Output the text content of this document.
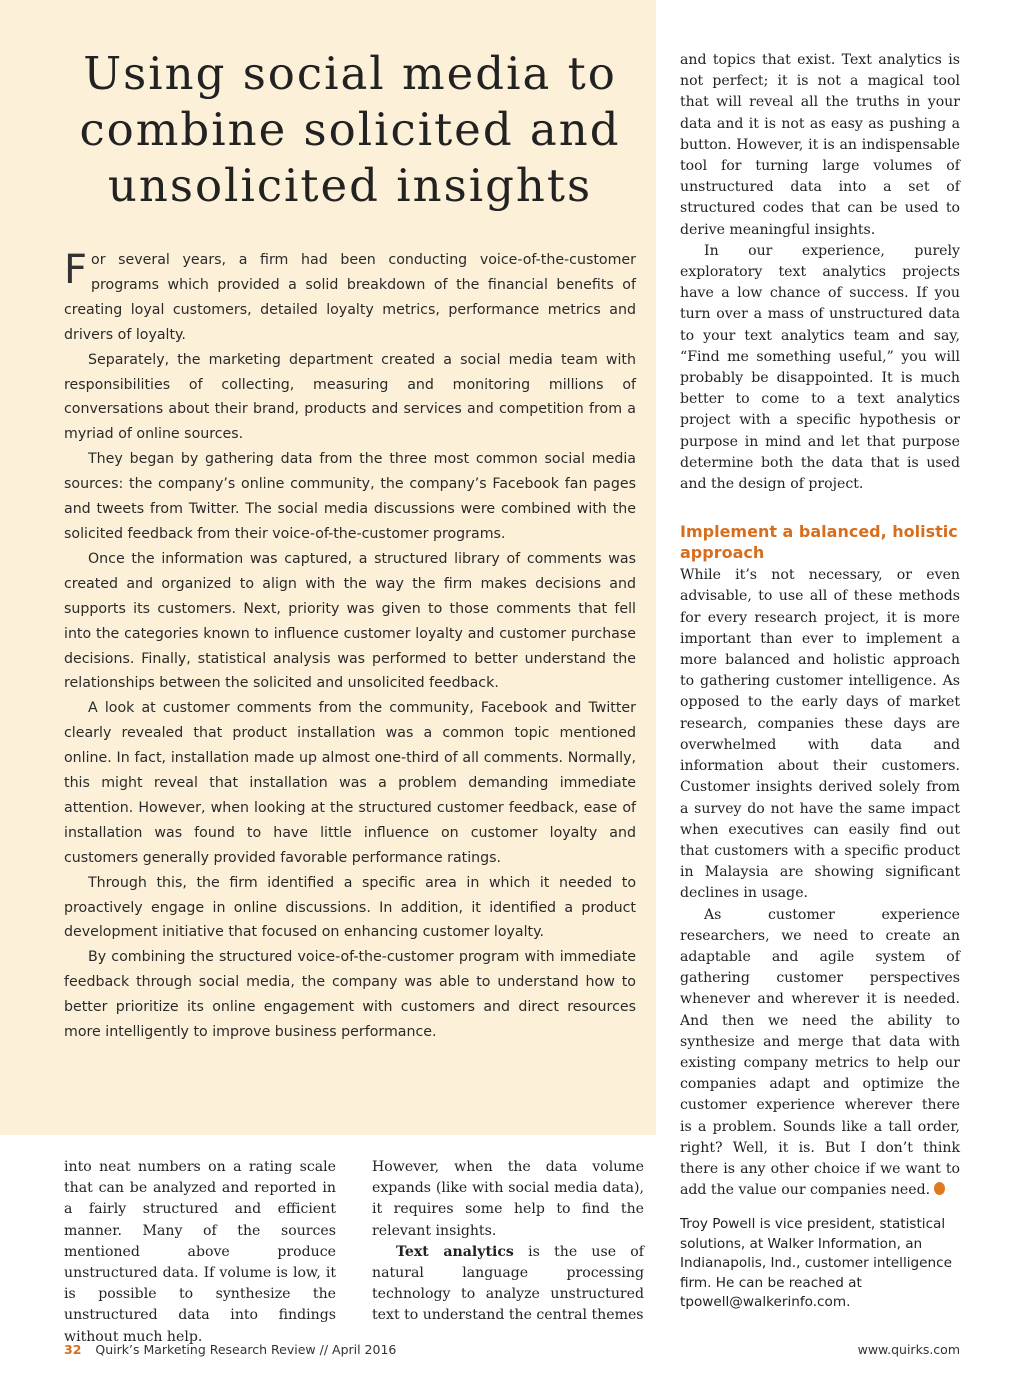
Using social media to
combine solicited and
unsolicited insights

For several years, a firm had been conducting voice-of-the-customer programs which provided a solid breakdown of the financial benefits of creating loyal customers, detailed loyalty metrics, performance metrics and drivers of loyalty.

Separately, the marketing department created a social media team with responsibilities of collecting, measuring and monitoring millions of conversations about their brand, products and services and competition from a myriad of online sources.

They began by gathering data from the three most common social media sources: the company’s online community, the company’s Facebook fan pages and tweets from Twitter. The social media discussions were combined with the solicited feedback from their voice-of-the-customer programs.

Once the information was captured, a structured library of comments was created and organized to align with the way the firm makes decisions and supports its customers. Next, priority was given to those comments that fell into the categories known to influence customer loyalty and customer purchase decisions. Finally, statistical analysis was performed to better understand the relationships between the solicited and unsolicited feedback.

A look at customer comments from the community, Facebook and Twitter clearly revealed that product installation was a common topic mentioned online. In fact, installation made up almost one-third of all comments. Normally, this might reveal that installation was a problem demanding immediate attention. However, when looking at the structured customer feedback, ease of installation was found to have little influence on customer loyalty and customers generally provided favorable performance ratings.

Through this, the firm identified a specific area in which it needed to proactively engage in online discussions. In addition, it identified a product development initiative that focused on enhancing customer loyalty.

By combining the structured voice-of-the-customer program with immediate feedback through social media, the company was able to understand how to better prioritize its online engagement with customers and direct resources more intelligently to improve business performance.

into neat numbers on a rating scale that can be analyzed and reported in a fairly structured and efficient manner. Many of the sources mentioned above produce unstructured data. If volume is low, it is possible to synthesize the unstructured data into findings without much help.

However, when the data volume expands (like with social media data), it requires some help to find the relevant insights.

Text analytics is the use of natural language processing technology to analyze unstructured text to understand the central themes

and topics that exist. Text analytics is not perfect; it is not a magical tool that will reveal all the truths in your data and it is not as easy as pushing a button. However, it is an indispensable tool for turning large volumes of unstructured data into a set of structured codes that can be used to derive meaningful insights.

In our experience, purely exploratory text analytics projects have a low chance of success. If you turn over a mass of unstructured data to your text analytics team and say, “Find me something useful,” you will probably be disappointed. It is much better to come to a text analytics project with a specific hypothesis or purpose in mind and let that purpose determine both the data that is used and the design of project.

Implement a balanced, holistic approach

While it’s not necessary, or even advisable, to use all of these methods for every research project, it is more important than ever to implement a more balanced and holistic approach to gathering customer intelligence. As opposed to the early days of market research, companies these days are overwhelmed with data and information about their customers. Customer insights derived solely from a survey do not have the same impact when executives can easily find out that customers with a specific product in Malaysia are showing significant declines in usage.

As customer experience researchers, we need to create an adaptable and agile system of gathering customer perspectives whenever and wherever it is needed. And then we need the ability to synthesize and merge that data with existing company metrics to help our companies adapt and optimize the customer experience wherever there is a problem. Sounds like a tall order, right? Well, it is. But I don’t think there is any other choice if we want to add the value our companies need.

Troy Powell is vice president, statistical solutions, at Walker Information, an Indianapolis, Ind., customer intelligence firm. He can be reached at tpowell@walkerinfo.com.
32 Quirk’s Marketing Research Review // April 2016	www.quirks.com
